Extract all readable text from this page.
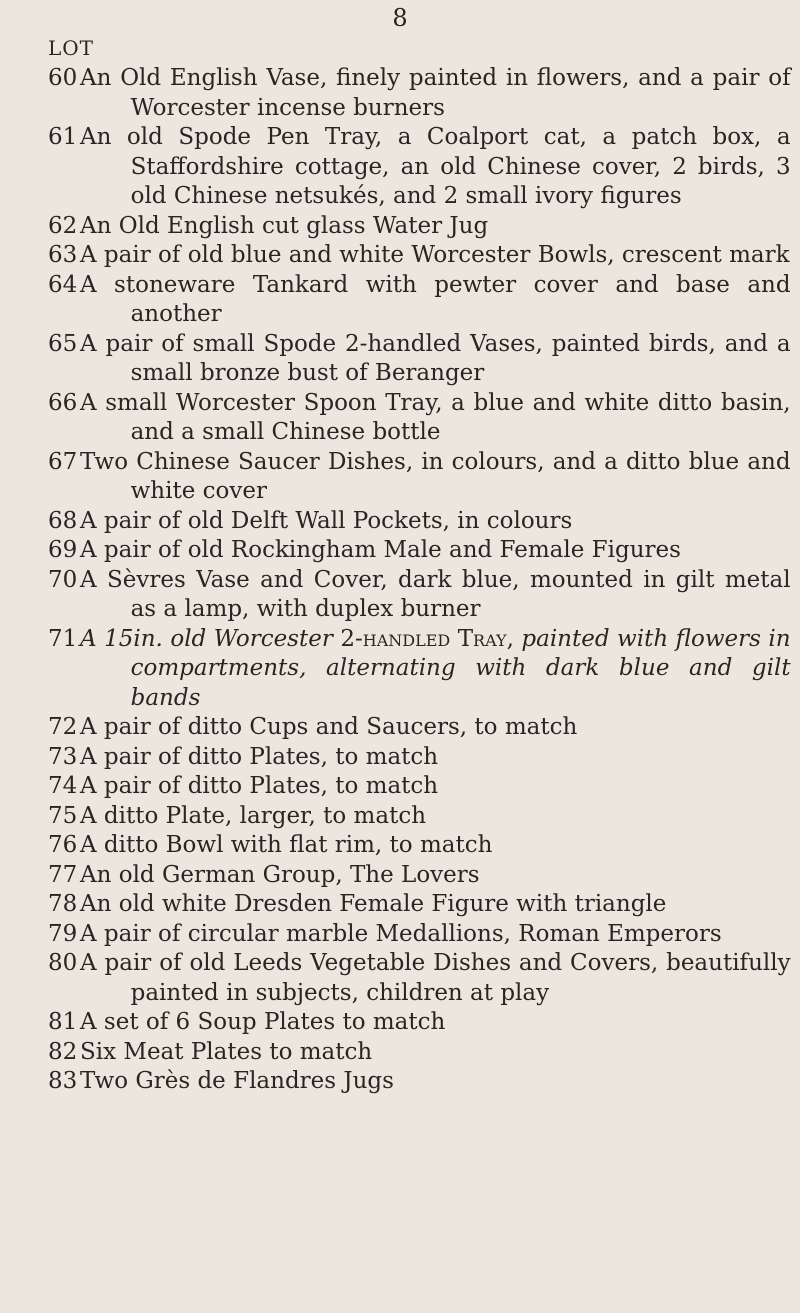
8
LOT
60 An Old English Vase, finely painted in flowers, and a pair of Worcester incense burners
61 An old Spode Pen Tray, a Coalport cat, a patch box, a Staffordshire cottage, an old Chinese cover, 2 birds, 3 old Chinese netsukés, and 2 small ivory figures
62 An Old English cut glass Water Jug
63 A pair of old blue and white Worcester Bowls, crescent mark
64 A stoneware Tankard with pewter cover and base and another
65 A pair of small Spode 2-handled Vases, painted birds, and a small bronze bust of Beranger
66 A small Worcester Spoon Tray, a blue and white ditto basin, and a small Chinese bottle
67 Two Chinese Saucer Dishes, in colours, and a ditto blue and white cover
68 A pair of old Delft Wall Pockets, in colours
69 A pair of old Rockingham Male and Female Figures
70 A Sèvres Vase and Cover, dark blue, mounted in gilt metal as a lamp, with duplex burner
71 A 15in. old Worcester 2-handled Tray, painted with flowers in compartments, alternating with dark blue and gilt bands
72 A pair of ditto Cups and Saucers, to match
73 A pair of ditto Plates, to match
74 A pair of ditto Plates, to match
75 A ditto Plate, larger, to match
76 A ditto Bowl with flat rim, to match
77 An old German Group, The Lovers
78 An old white Dresden Female Figure with triangle
79 A pair of circular marble Medallions, Roman Emperors
80 A pair of old Leeds Vegetable Dishes and Covers, beautifully painted in subjects, children at play
81 A set of 6 Soup Plates to match
82 Six Meat Plates to match
83 Two Grès de Flandres Jugs
